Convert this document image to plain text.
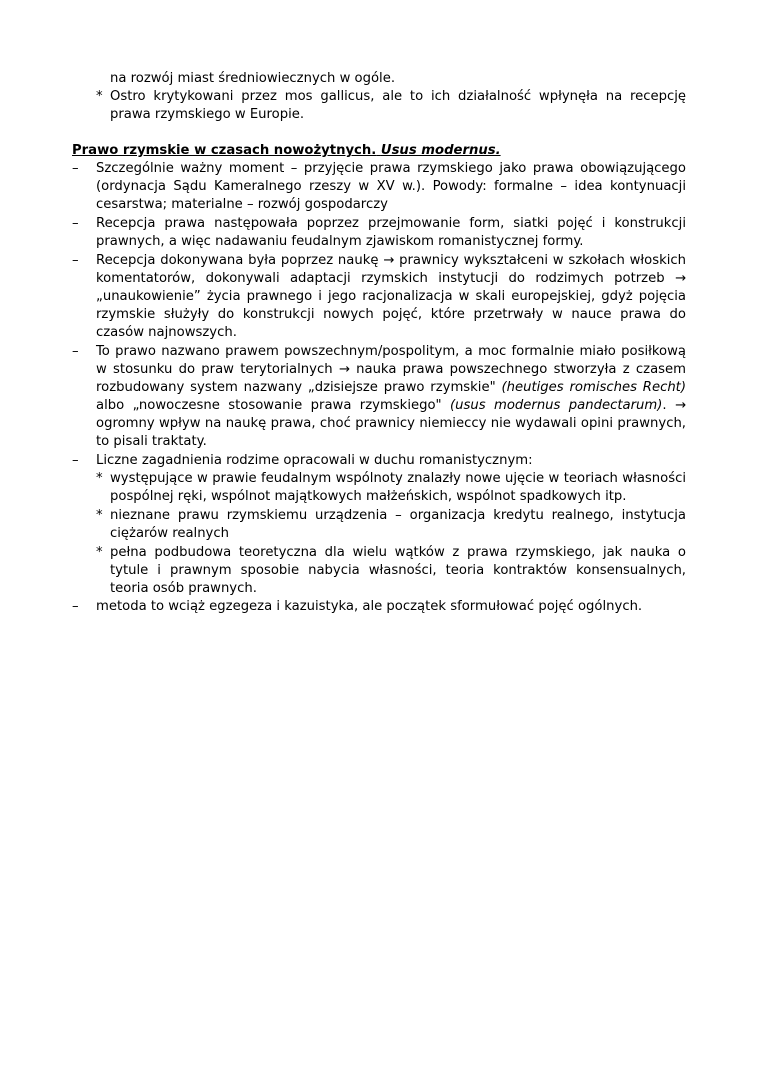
na rozwój miast średniowiecznych w ogóle.
* Ostro krytykowani przez mos gallicus, ale to ich działalność wpłynęła na recepcję prawa rzymskiego w Europie.
Prawo rzymskie w czasach nowożytnych. Usus modernus.
–	Szczególnie ważny moment – przyjęcie prawa rzymskiego jako prawa obowiązującego (ordynacja Sądu Kameralnego rzeszy w XV w.). Powody: formalne – idea kontynuacji cesarstwa; materialne – rozwój gospodarczy
–	Recepcja prawa następowała poprzez przejmowanie form, siatki pojęć i konstrukcji prawnych, a więc nadawaniu feudalnym zjawiskom romanistycznej formy.
–	Recepcja dokonywana była poprzez naukę → prawnicy wykształceni w szkołach włoskich komentatorów, dokonywali adaptacji rzymskich instytucji do rodzimych potrzeb → „unaukowienie” życia prawnego i jego racjonalizacja w skali europejskiej, gdyż pojęcia rzymskie służyły do konstrukcji nowych pojęć, które przetrwały w nauce prawa do czasów najnowszych.
–	To prawo nazwano prawem powszechnym/pospolitym, a moc formalnie miało posiłkową w stosunku do praw terytorialnych → nauka prawa powszechnego stworzyła z czasem rozbudowany system nazwany „dzisiejsze prawo rzymskie" (heutiges romisches Recht) albo „nowoczesne stosowanie prawa rzymskiego" (usus modernus pandectarum). → ogromny wpływ na naukę prawa, choć prawnicy niemieccy nie wydawali opini prawnych, to pisali traktaty.
–	Liczne zagadnienia rodzime opracowali w duchu romanistycznym:
* występujące w prawie feudalnym wspólnoty znalazły nowe ujęcie w teoriach własności pospólnej ręki, wspólnot majątkowych małżeńskich, wspólnot spadkowych itp.
* nieznane prawu rzymskiemu urządzenia – organizacja kredytu realnego, instytucja ciężarów realnych
* pełna podbudowa teoretyczna dla wielu wątków z prawa rzymskiego, jak nauka o tytule i prawnym sposobie nabycia własności, teoria kontraktów konsensualnych, teoria osób prawnych.
–	metoda to wciąż egzegeza i kazuistyka, ale początek sformułować pojęć ogólnych.
